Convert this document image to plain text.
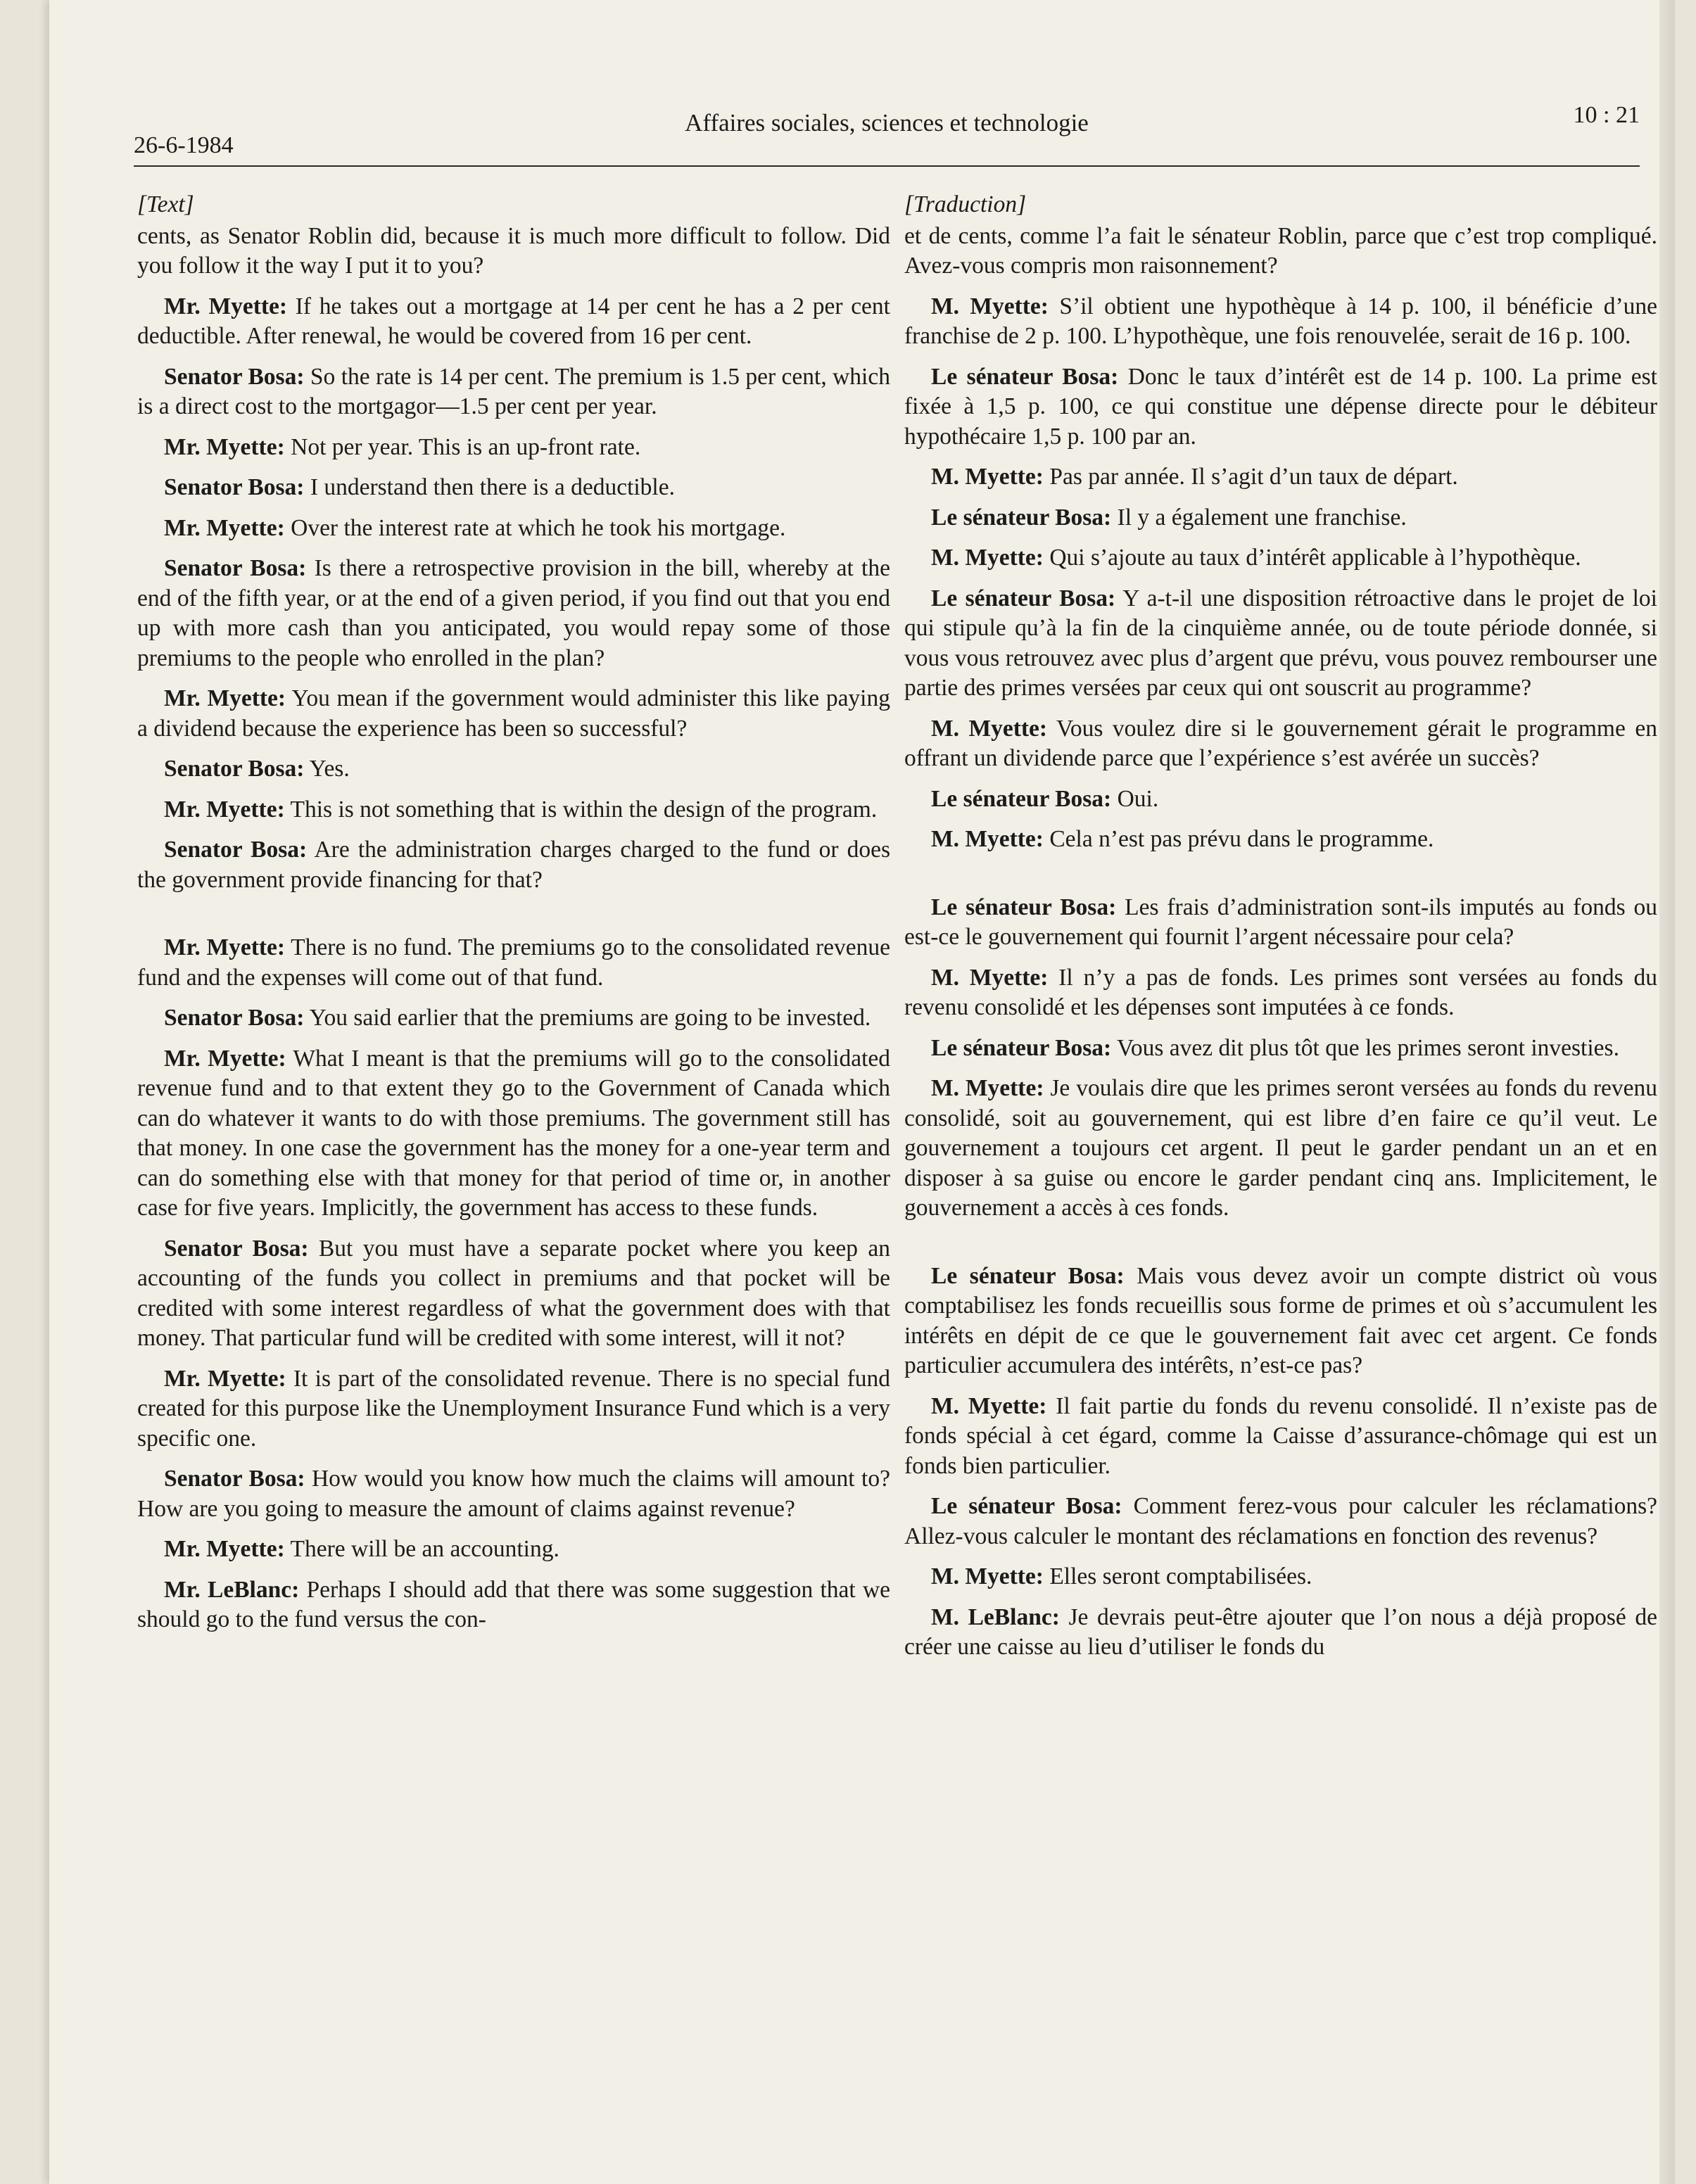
26-6-1984
Affaires sociales, sciences et technologie	10 : 21
[Text]

cents, as Senator Roblin did, because it is much more difficult to follow. Did you follow it the way I put it to you?

Mr. Myette: If he takes out a mortgage at 14 per cent he has a 2 per cent deductible. After renewal, he would be covered from 16 per cent.

Senator Bosa: So the rate is 14 per cent. The premium is 1.5 per cent, which is a direct cost to the mortgagor—1.5 per cent per year.

Mr. Myette: Not per year. This is an up-front rate.

Senator Bosa: I understand then there is a deductible.

Mr. Myette: Over the interest rate at which he took his mortgage.

Senator Bosa: Is there a retrospective provision in the bill, whereby at the end of the fifth year, or at the end of a given period, if you find out that you end up with more cash than you anticipated, you would repay some of those premiums to the people who enrolled in the plan?

Mr. Myette: You mean if the government would administer this like paying a dividend because the experience has been so successful?

Senator Bosa: Yes.

Mr. Myette: This is not something that is within the design of the program.

Senator Bosa: Are the administration charges charged to the fund or does the government provide financing for that?

Mr. Myette: There is no fund. The premiums go to the consolidated revenue fund and the expenses will come out of that fund.

Senator Bosa: You said earlier that the premiums are going to be invested.

Mr. Myette: What I meant is that the premiums will go to the consolidated revenue fund and to that extent they go to the Government of Canada which can do whatever it wants to do with those premiums. The government still has that money. In one case the government has the money for a one-year term and can do something else with that money for that period of time or, in another case for five years. Implicitly, the government has access to these funds.

Senator Bosa: But you must have a separate pocket where you keep an accounting of the funds you collect in premiums and that pocket will be credited with some interest regardless of what the government does with that money. That particular fund will be credited with some interest, will it not?

Mr. Myette: It is part of the consolidated revenue. There is no special fund created for this purpose like the Unemployment Insurance Fund which is a very specific one.

Senator Bosa: How would you know how much the claims will amount to? How are you going to measure the amount of claims against revenue?

Mr. Myette: There will be an accounting.

Mr. LeBlanc: Perhaps I should add that there was some suggestion that we should go to the fund versus the con-

[Traduction]

et de cents, comme l’a fait le sénateur Roblin, parce que c’est trop compliqué. Avez-vous compris mon raisonnement?

M. Myette: S’il obtient une hypothèque à 14 p. 100, il bénéficie d’une franchise de 2 p. 100. L’hypothèque, une fois renouvelée, serait de 16 p. 100.

Le sénateur Bosa: Donc le taux d’intérêt est de 14 p. 100. La prime est fixée à 1,5 p. 100, ce qui constitue une dépense directe pour le débiteur hypothécaire 1,5 p. 100 par an.

M. Myette: Pas par année. Il s’agit d’un taux de départ.

Le sénateur Bosa: Il y a également une franchise.

M. Myette: Qui s’ajoute au taux d’intérêt applicable à l’hypothèque.

Le sénateur Bosa: Y a-t-il une disposition rétroactive dans le projet de loi qui stipule qu’à la fin de la cinquième année, ou de toute période donnée, si vous vous retrouvez avec plus d’argent que prévu, vous pouvez rembourser une partie des primes versées par ceux qui ont souscrit au programme?

M. Myette: Vous voulez dire si le gouvernement gérait le programme en offrant un dividende parce que l’expérience s’est avérée un succès?

Le sénateur Bosa: Oui.

M. Myette: Cela n’est pas prévu dans le programme.

Le sénateur Bosa: Les frais d’administration sont-ils imputés au fonds ou est-ce le gouvernement qui fournit l’argent nécessaire pour cela?

M. Myette: Il n’y a pas de fonds. Les primes sont versées au fonds du revenu consolidé et les dépenses sont imputées à ce fonds.

Le sénateur Bosa: Vous avez dit plus tôt que les primes seront investies.

M. Myette: Je voulais dire que les primes seront versées au fonds du revenu consolidé, soit au gouvernement, qui est libre d’en faire ce qu’il veut. Le gouvernement a toujours cet argent. Il peut le garder pendant un an et en disposer à sa guise ou encore le garder pendant cinq ans. Implicitement, le gouvernement a accès à ces fonds.

Le sénateur Bosa: Mais vous devez avoir un compte district où vous comptabilisez les fonds recueillis sous forme de primes et où s’accumulent les intérêts en dépit de ce que le gouvernement fait avec cet argent. Ce fonds particulier accumulera des intérêts, n’est-ce pas?

M. Myette: Il fait partie du fonds du revenu consolidé. Il n’existe pas de fonds spécial à cet égard, comme la Caisse d’assurance-chômage qui est un fonds bien particulier.

Le sénateur Bosa: Comment ferez-vous pour calculer les réclamations? Allez-vous calculer le montant des réclamations en fonction des revenus?

M. Myette: Elles seront comptabilisées.

M. LeBlanc: Je devrais peut-être ajouter que l’on nous a déjà proposé de créer une caisse au lieu d’utiliser le fonds du
